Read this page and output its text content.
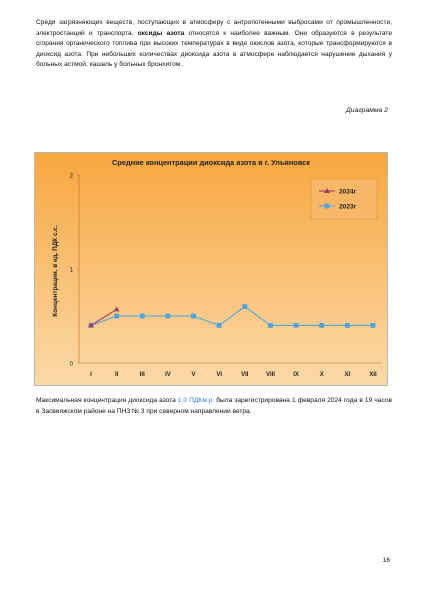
Среди загрязняющих веществ, поступающих в атмосферу с антропогенными выбросами от промышленности, электростанций и транспорта, оксиды азота относятся к наиболее важным. Они образуются в результате сгорания органического топлива при высоких температурах в виде окислов азота, которые трансформируются в диоксид азота. При небольших количествах диоксида азота в атмосфере наблюдается нарушение дыхания у больных астмой, кашель у больных бронхитом.

Диаграмма 2

Средние концентрации диоксида азота в г. Ульяновск
Концентрации, в ед. ПДК с.с.
0
1
2
I	II	III	IV	V	VI	VII	VIII	IX	X	XI	XII
2024г
2023г

Максимальная концентрация диоксида азота 1,0 ПДКм.р. была зарегистрирована 1 февраля 2024 года в 19 часов в Засвияжском районе на ПНЗ № 3 при северном направлении ветра.

16
